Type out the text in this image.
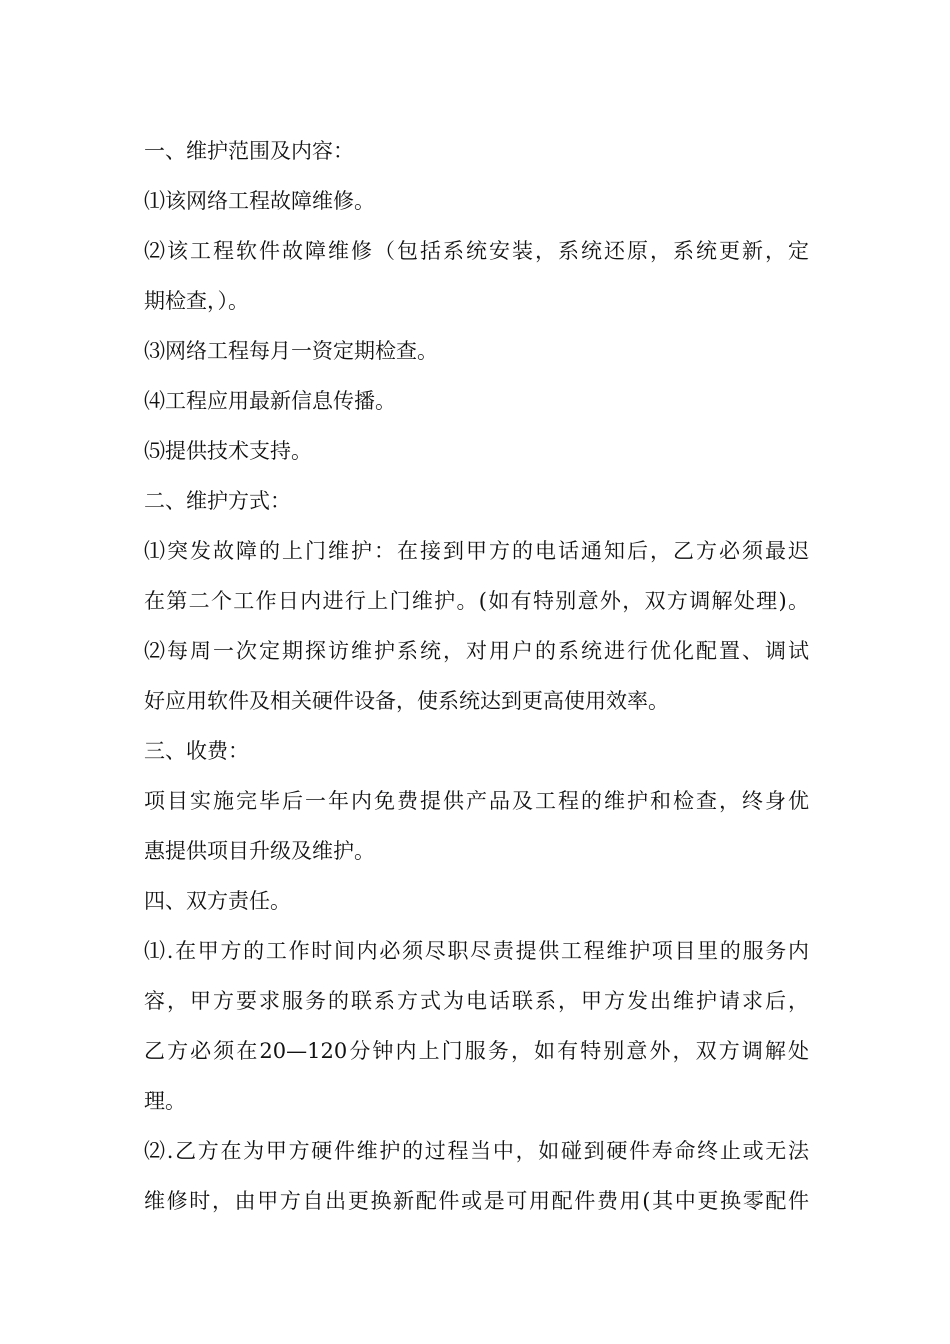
一、维护范围及内容：
⑴该网络工程故障维修。
⑵该工程软件故障维修（包括系统安装，系统还原，系统更新，定
期检查，）。
⑶网络工程每月一资定期检查。
⑷工程应用最新信息传播。
⑸提供技术支持。
二、维护方式：
⑴突发故障的上门维护：在接到甲方的电话通知后，乙方必须最迟
在第二个工作日内进行上门维护。(如有特别意外，双方调解处理)。
⑵每周一次定期探访维护系统，对用户的系统进行优化配置、调试
好应用软件及相关硬件设备，使系统达到更高使用效率。
三、收费：
项目实施完毕后一年内免费提供产品及工程的维护和检查，终身优
惠提供项目升级及维护。
四、双方责任。
⑴.在甲方的工作时间内必须尽职尽责提供工程维护项目里的服务内
容，甲方要求服务的联系方式为电话联系，甲方发出维护请求后，
乙方必须在20—120分钟内上门服务，如有特别意外，双方调解处
理。
⑵.乙方在为甲方硬件维护的过程当中，如碰到硬件寿命终止或无法
维修时，由甲方自出更换新配件或是可用配件费用(其中更换零配件
